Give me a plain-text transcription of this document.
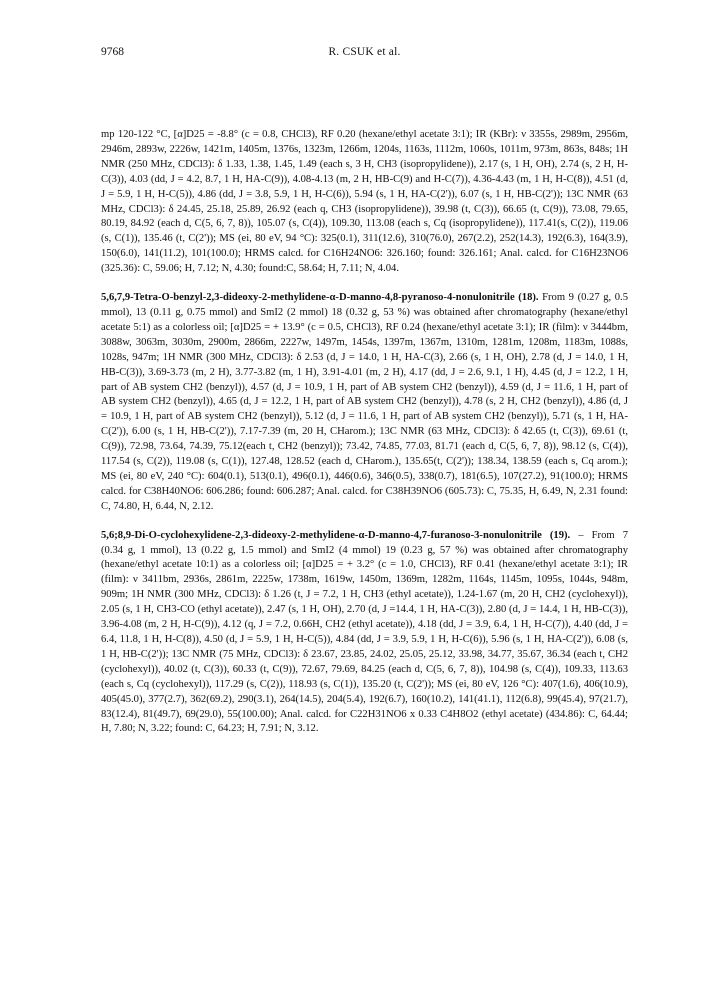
9768	R. CSUK et al.

mp 120-122 °C, [α]D25 = -8.8° (c = 0.8, CHCl3), RF 0.20 (hexane/ethyl acetate 3:1); IR (KBr): ν 3355s, 2989m, 2956m, 2946m, 2893w, 2226w, 1421m, 1405m, 1376s, 1323m, 1266m, 1204s, 1163s, 1112m, 1060s, 1011m, 973m, 863s, 848s; 1H NMR (250 MHz, CDCl3): δ 1.33, 1.38, 1.45, 1.49 (each s, 3 H, CH3 (isopropylidene)), 2.17 (s, 1 H, OH), 2.74 (s, 2 H, H-C(3)), 4.03 (dd, J = 4.2, 8.7, 1 H, HA-C(9)), 4.08-4.13 (m, 2 H, HB-C(9) and H-C(7)), 4.36-4.43 (m, 1 H, H-C(8)), 4.51 (d, J = 5.9, 1 H, H-C(5)), 4.86 (dd, J = 3.8, 5.9, 1 H, H-C(6)), 5.94 (s, 1 H, HA-C(2')), 6.07 (s, 1 H, HB-C(2')); 13C NMR (63 MHz, CDCl3): δ 24.45, 25.18, 25.89, 26.92 (each q, CH3 (isopropylidene)), 39.98 (t, C(3)), 66.65 (t, C(9)), 73.08, 79.65, 80.19, 84.92 (each d, C(5, 6, 7, 8)), 105.07 (s, C(4)), 109.30, 113.08 (each s, Cq (isopropylidene)), 117.41(s, C(2)), 119.06 (s, C(1)), 135.46 (t, C(2')); MS (ei, 80 eV, 94 °C): 325(0.1), 311(12.6), 310(76.0), 267(2.2), 252(14.3), 192(6.3), 164(3.9), 150(6.0), 141(11.2), 101(100.0); HRMS calcd. for C16H24NO6: 326.160; found: 326.161; Anal. calcd. for C16H23NO6 (325.36): C, 59.06; H, 7.12; N, 4.30; found:C, 58.64; H, 7.11; N, 4.04.

5,6,7,9-Tetra-O-benzyl-2,3-dideoxy-2-methylidene-α-D-manno-4,8-pyranoso-4-nonulonitrile (18). From 9 (0.27 g, 0.5 mmol), 13 (0.11 g, 0.75 mmol) and SmI2 (2 mmol) 18 (0.32 g, 53 %) was obtained after chromatography (hexane/ethyl acetate 5:1) as a colorless oil; [α]D25 = + 13.9° (c = 0.5, CHCl3), RF 0.24 (hexane/ethyl acetate 3:1); IR (film): ν 3444bm, 3088w, 3063m, 3030m, 2900m, 2866m, 2227w, 1497m, 1454s, 1397m, 1367m, 1310m, 1281m, 1208m, 1183m, 1088s, 1028s, 947m; 1H NMR (300 MHz, CDCl3): δ 2.53 (d, J = 14.0, 1 H, HA-C(3), 2.66 (s, 1 H, OH), 2.78 (d, J = 14.0, 1 H, HB-C(3)), 3.69-3.73 (m, 2 H), 3.77-3.82 (m, 1 H), 3.91-4.01 (m, 2 H), 4.17 (dd, J = 2.6, 9.1, 1 H), 4.45 (d, J = 12.2, 1 H, part of AB system CH2 (benzyl)), 4.57 (d, J = 10.9, 1 H, part of AB system CH2 (benzyl)), 4.59 (d, J = 11.6, 1 H, part of AB system CH2 (benzyl)), 4.65 (d, J = 12.2, 1 H, part of AB system CH2 (benzyl)), 4.78 (s, 2 H, CH2 (benzyl)), 4.86 (d, J = 10.9, 1 H, part of AB system CH2 (benzyl)), 5.12 (d, J = 11.6, 1 H, part of AB system CH2 (benzyl)), 5.71 (s, 1 H, HA-C(2')), 6.00 (s, 1 H, HB-C(2')), 7.17-7.39 (m, 20 H, CHarom.); 13C NMR (63 MHz, CDCl3): δ 42.65 (t, C(3)), 69.61 (t, C(9)), 72.98, 73.64, 74.39, 75.12(each t, CH2 (benzyl)); 73.42, 74.85, 77.03, 81.71 (each d, C(5, 6, 7, 8)), 98.12 (s, C(4)), 117.54 (s, C(2)), 119.08 (s, C(1)), 127.48, 128.52 (each d, CHarom.), 135.65(t, C(2')); 138.34, 138.59 (each s, Cq arom.); MS (ei, 80 eV, 240 °C): 604(0.1), 513(0.1), 496(0.1), 446(0.6), 346(0.5), 338(0.7), 181(6.5), 107(27.2), 91(100.0); HRMS calcd. for C38H40NO6: 606.286; found: 606.287; Anal. calcd. for C38H39NO6 (605.73): C, 75.35, H, 6.49, N, 2.31 found: C, 74.80, H, 6.44, N, 2.12.

5,6;8,9-Di-O-cyclohexylidene-2,3-dideoxy-2-methylidene-α-D-manno-4,7-furanoso-3-nonulonitrile (19). – From 7 (0.34 g, 1 mmol), 13 (0.22 g, 1.5 mmol) and SmI2 (4 mmol) 19 (0.23 g, 57 %) was obtained after chromatography (hexane/ethyl acetate 10:1) as a colorless oil; [α]D25 = + 3.2° (c = 1.0, CHCl3), RF 0.41 (hexane/ethyl acetate 3:1); IR (film): ν 3411bm, 2936s, 2861m, 2225w, 1738m, 1619w, 1450m, 1369m, 1282m, 1164s, 1145m, 1095s, 1044s, 948m, 909m; 1H NMR (300 MHz, CDCl3): δ 1.26 (t, J = 7.2, 1 H, CH3 (ethyl acetate)), 1.24-1.67 (m, 20 H, CH2 (cyclohexyl)), 2.05 (s, 1 H, CH3-CO (ethyl acetate)), 2.47 (s, 1 H, OH), 2.70 (d, J =14.4, 1 H, HA-C(3)), 2.80 (d, J = 14.4, 1 H, HB-C(3)), 3.96-4.08 (m, 2 H, H-C(9)), 4.12 (q, J = 7.2, 0.66H, CH2 (ethyl acetate)), 4.18 (dd, J = 3.9, 6.4, 1 H, H-C(7)), 4.40 (dd, J = 6.4, 11.8, 1 H, H-C(8)), 4.50 (d, J = 5.9, 1 H, H-C(5)), 4.84 (dd, J = 3.9, 5.9, 1 H, H-C(6)), 5.96 (s, 1 H, HA-C(2')), 6.08 (s, 1 H, HB-C(2')); 13C NMR (75 MHz, CDCl3): δ 23.67, 23.85, 24.02, 25.05, 25.12, 33.98, 34.77, 35.67, 36.34 (each t, CH2 (cyclohexyl)), 40.02 (t, C(3)), 60.33 (t, C(9)), 72.67, 79.69, 84.25 (each d, C(5, 6, 7, 8)), 104.98 (s, C(4)), 109.33, 113.63 (each s, Cq (cyclohexyl)), 117.29 (s, C(2)), 118.93 (s, C(1)), 135.20 (t, C(2')); MS (ei, 80 eV, 126 °C): 407(1.6), 406(10.9), 405(45.0), 377(2.7), 362(69.2), 290(3.1), 264(14.5), 204(5.4), 192(6.7), 160(10.2), 141(41.1), 112(6.8), 99(45.4), 97(21.7), 83(12.4), 81(49.7), 69(29.0), 55(100.00); Anal. calcd. for C22H31NO6 x 0.33 C4H8O2 (ethyl acetate) (434.86): C, 64.44; H, 7.80; N, 3.22; found: C, 64.23; H, 7.91; N, 3.12.
